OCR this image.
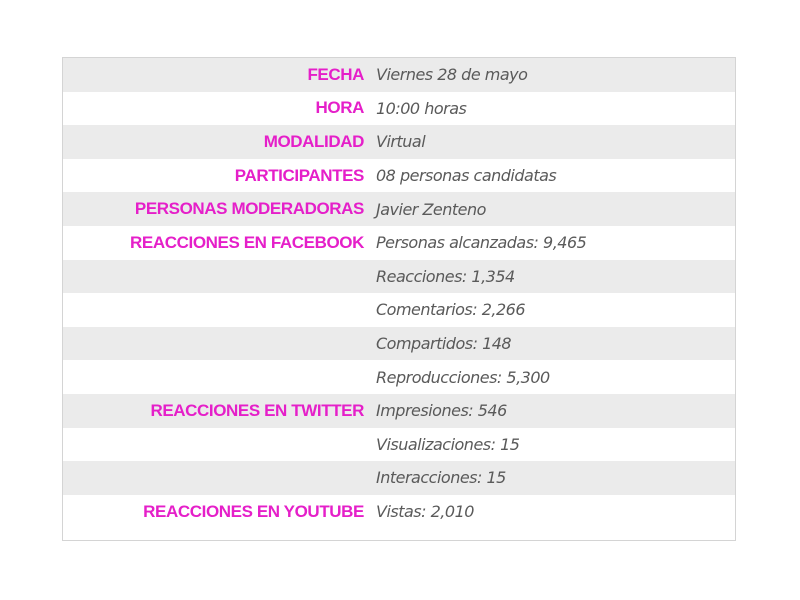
FECHA Viernes 28 de mayo
HORA 10:00 horas
MODALIDAD Virtual
PARTICIPANTES 08 personas candidatas
PERSONAS MODERADORAS Javier Zenteno
REACCIONES EN FACEBOOK Personas alcanzadas: 9,465
Reacciones: 1,354
Comentarios: 2,266
Compartidos: 148
Reproducciones: 5,300
REACCIONES EN TWITTER Impresiones: 546
Visualizaciones: 15
Interacciones: 15
REACCIONES EN YOUTUBE Vistas: 2,010
